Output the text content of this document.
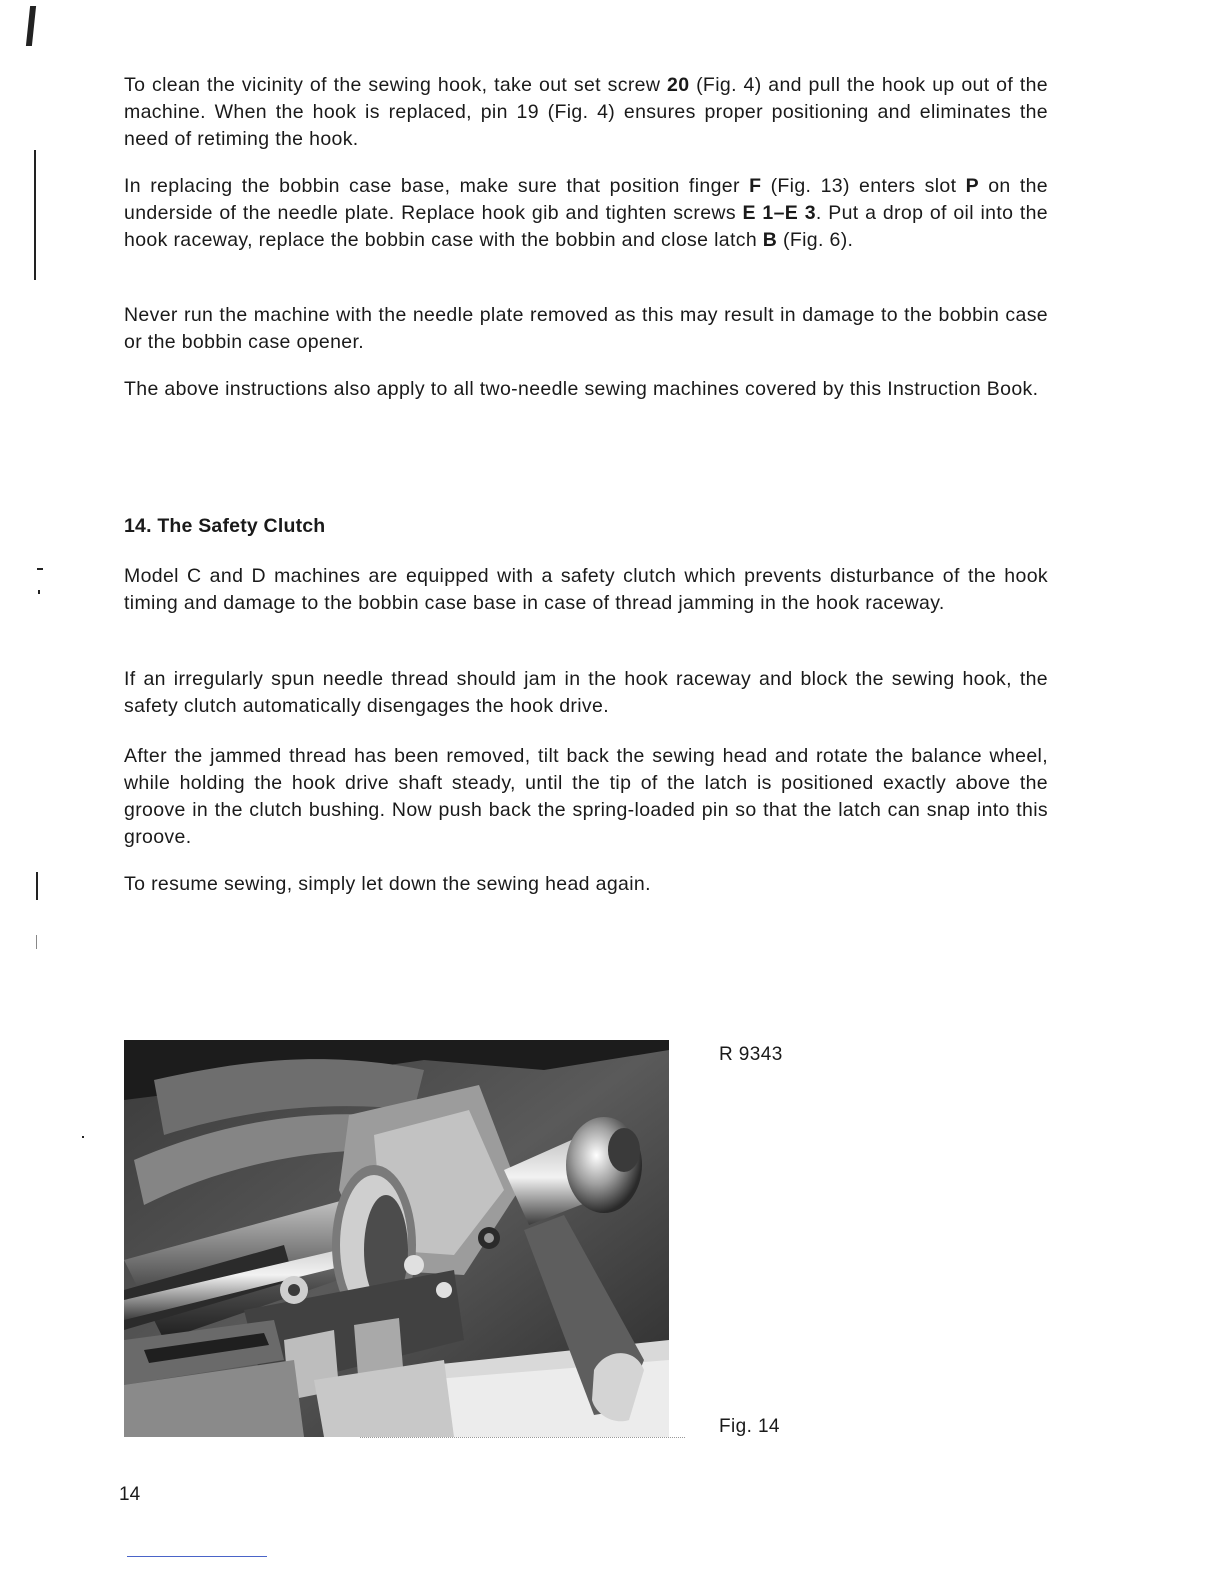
To clean the vicinity of the sewing hook, take out set screw 20 (Fig. 4) and pull the hook up out of the machine. When the hook is replaced, pin 19 (Fig. 4) ensures proper positioning and eliminates the need of retiming the hook.

In replacing the bobbin case base, make sure that position finger F (Fig. 13) enters slot P on the underside of the needle plate. Replace hook gib and tighten screws E 1–E 3. Put a drop of oil into the hook raceway, replace the bobbin case with the bobbin and close latch B (Fig. 6).

Never run the machine with the needle plate removed as this may result in damage to the bobbin case or the bobbin case opener.

The above instructions also apply to all two-needle sewing machines covered by this Instruction Book.

14. The Safety Clutch

Model C and D machines are equipped with a safety clutch which prevents disturbance of the hook timing and damage to the bobbin case base in case of thread jamming in the hook raceway.

If an irregularly spun needle thread should jam in the hook raceway and block the sewing hook, the safety clutch automatically disengages the hook drive.

After the jammed thread has been removed, tilt back the sewing head and rotate the balance wheel, while holding the hook drive shaft steady, until the tip of the latch is positioned exactly above the groove in the clutch bushing. Now push back the spring-loaded pin so that the latch can snap into this groove.

To resume sewing, simply let down the sewing head again.

R 9343

Fig. 14

14
